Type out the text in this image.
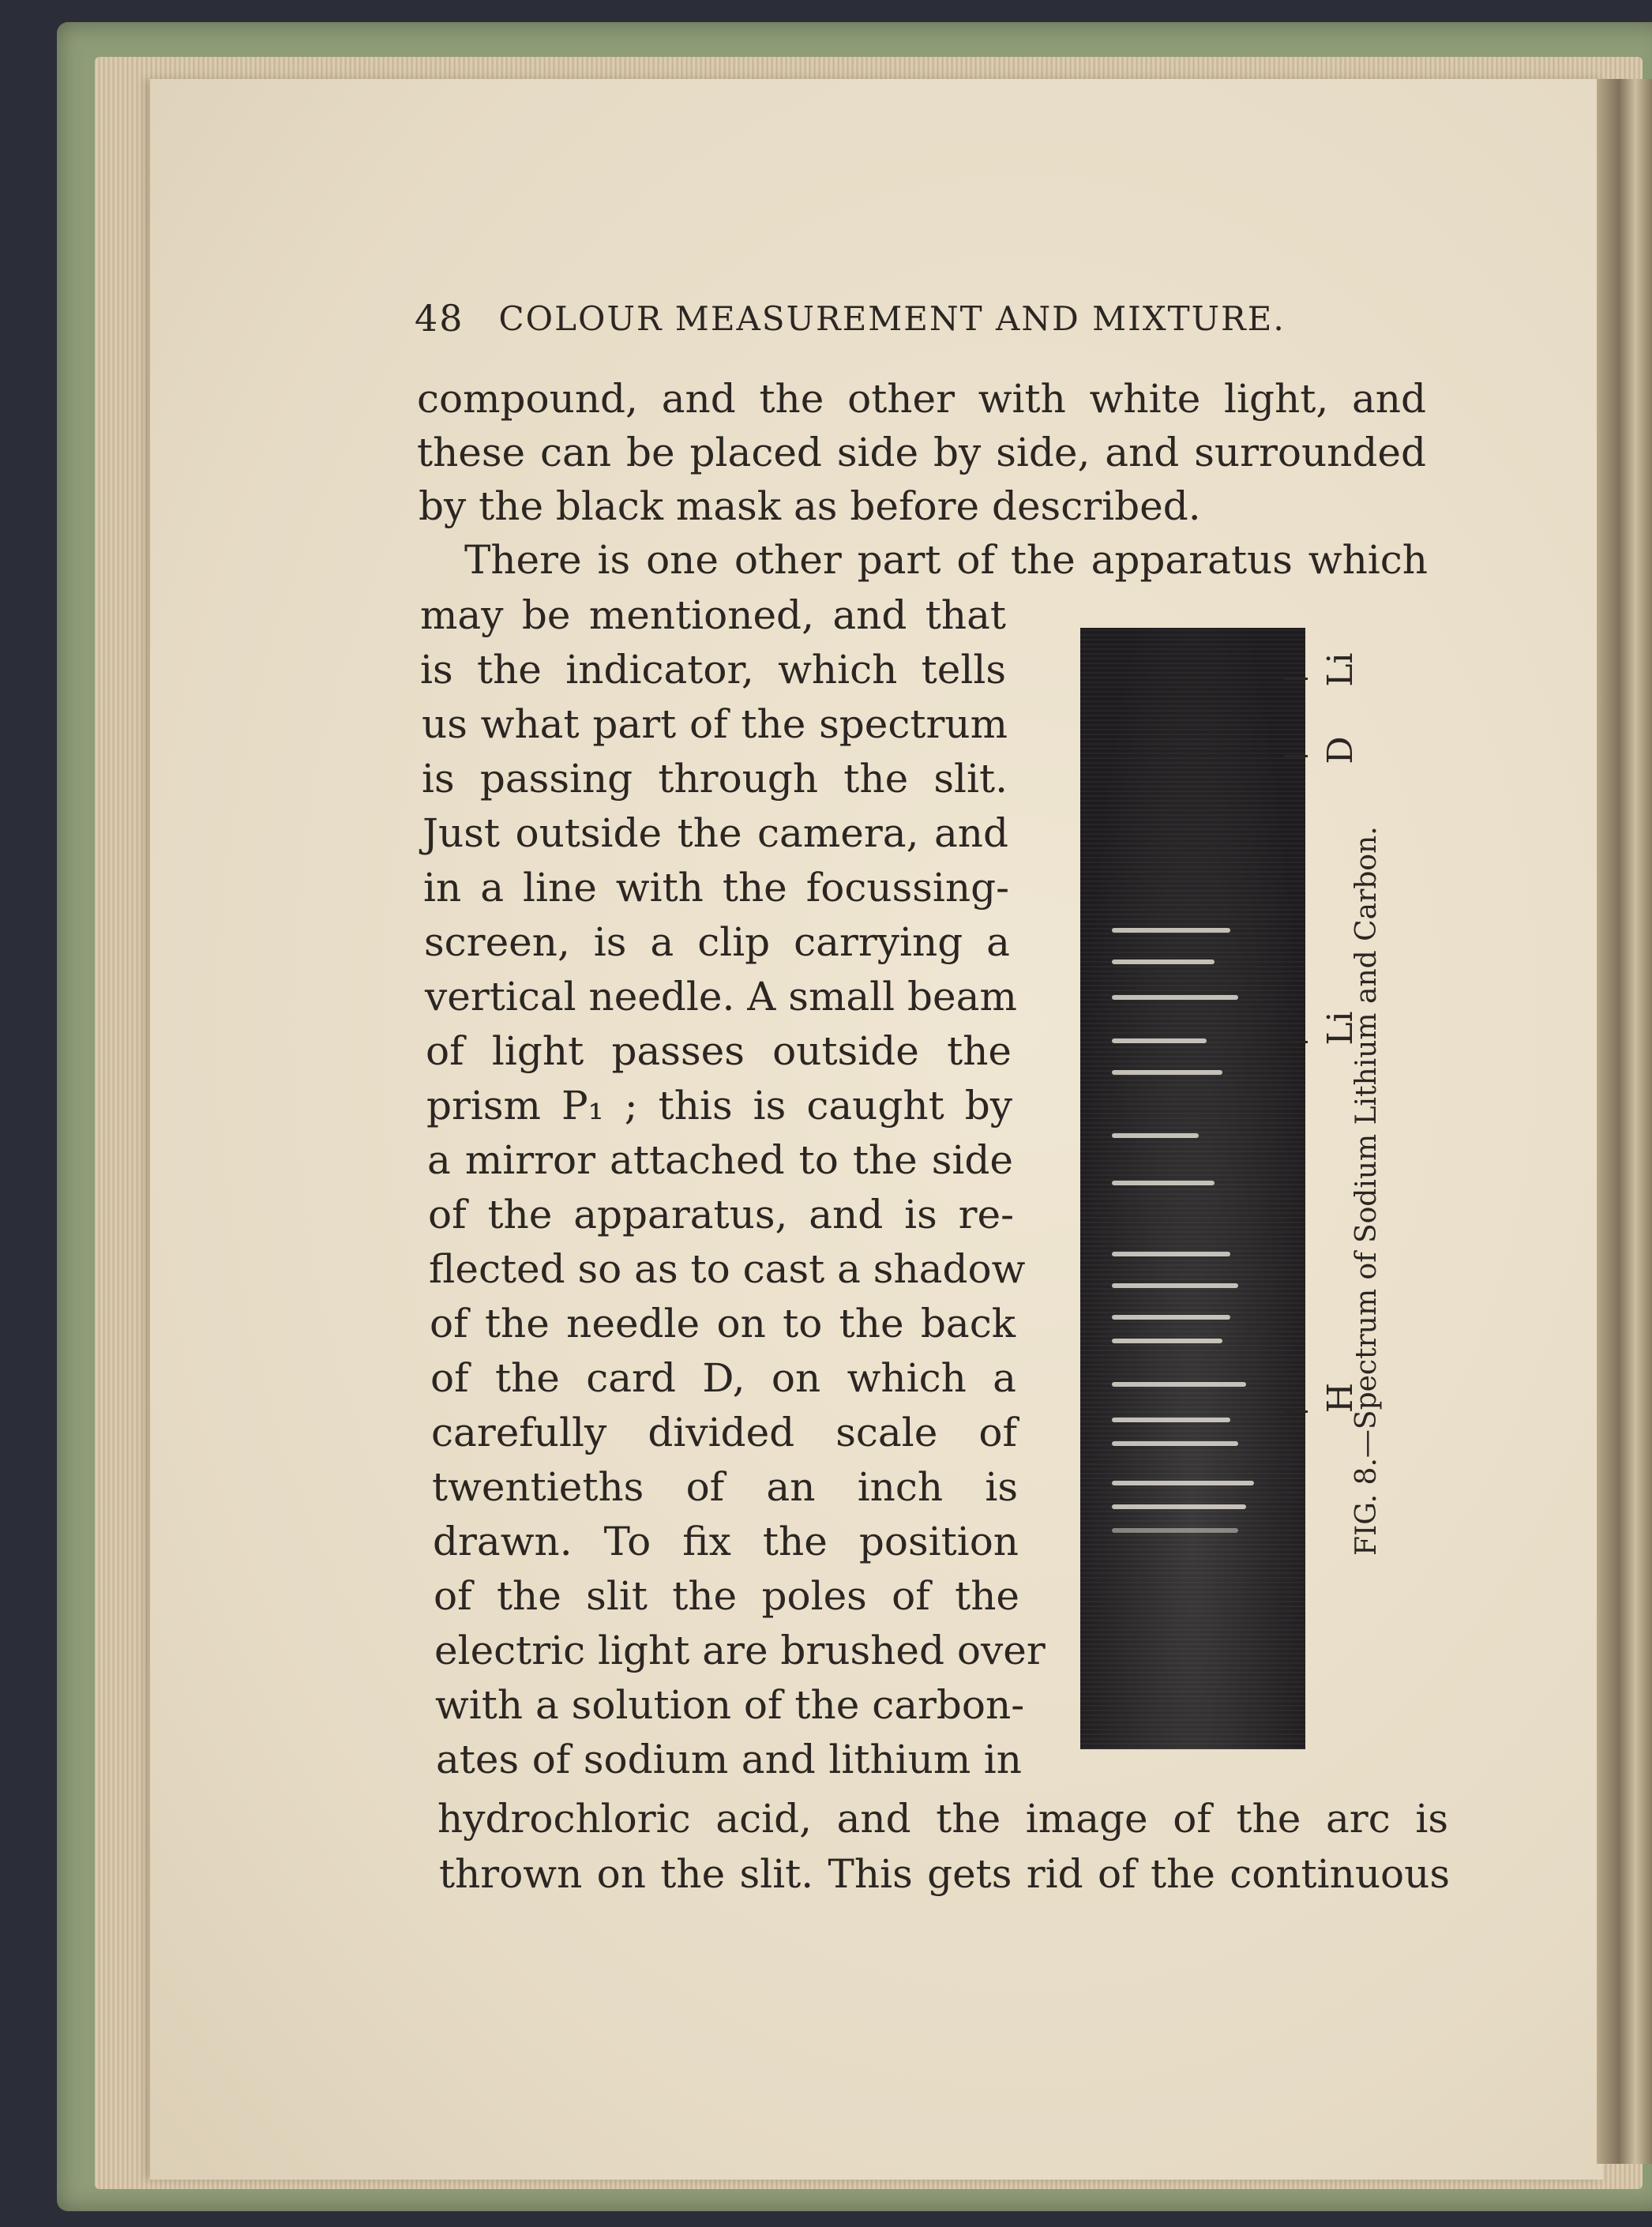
48 COLOUR MEASUREMENT AND MIXTURE.
compound, and the other with white light, and
these can be placed side by side, and surrounded
by the black mask as before described.
There is one other part of the apparatus which
may be mentioned, and that
is the indicator, which tells
us what part of the spectrum
is passing through the slit.
Just outside the camera, and
in a line with the focussing-
screen, is a clip carrying a
vertical needle. A small beam
of light passes outside the
prism P₁ ; this is caught by
a mirror attached to the side
of the apparatus, and is re-
flected so as to cast a shadow
of the needle on to the back
of the card D, on which a
carefully divided scale of
twentieths of an inch is
drawn. To fix the position
of the slit the poles of the
electric light are brushed over
with a solution of the carbon-
ates of sodium and lithium in
hydrochloric acid, and the image of the arc is
thrown on the slit. This gets rid of the continuous
Li
D
Li
H
FIG. 8.—Spectrum of Sodium Lithium and Carbon.
